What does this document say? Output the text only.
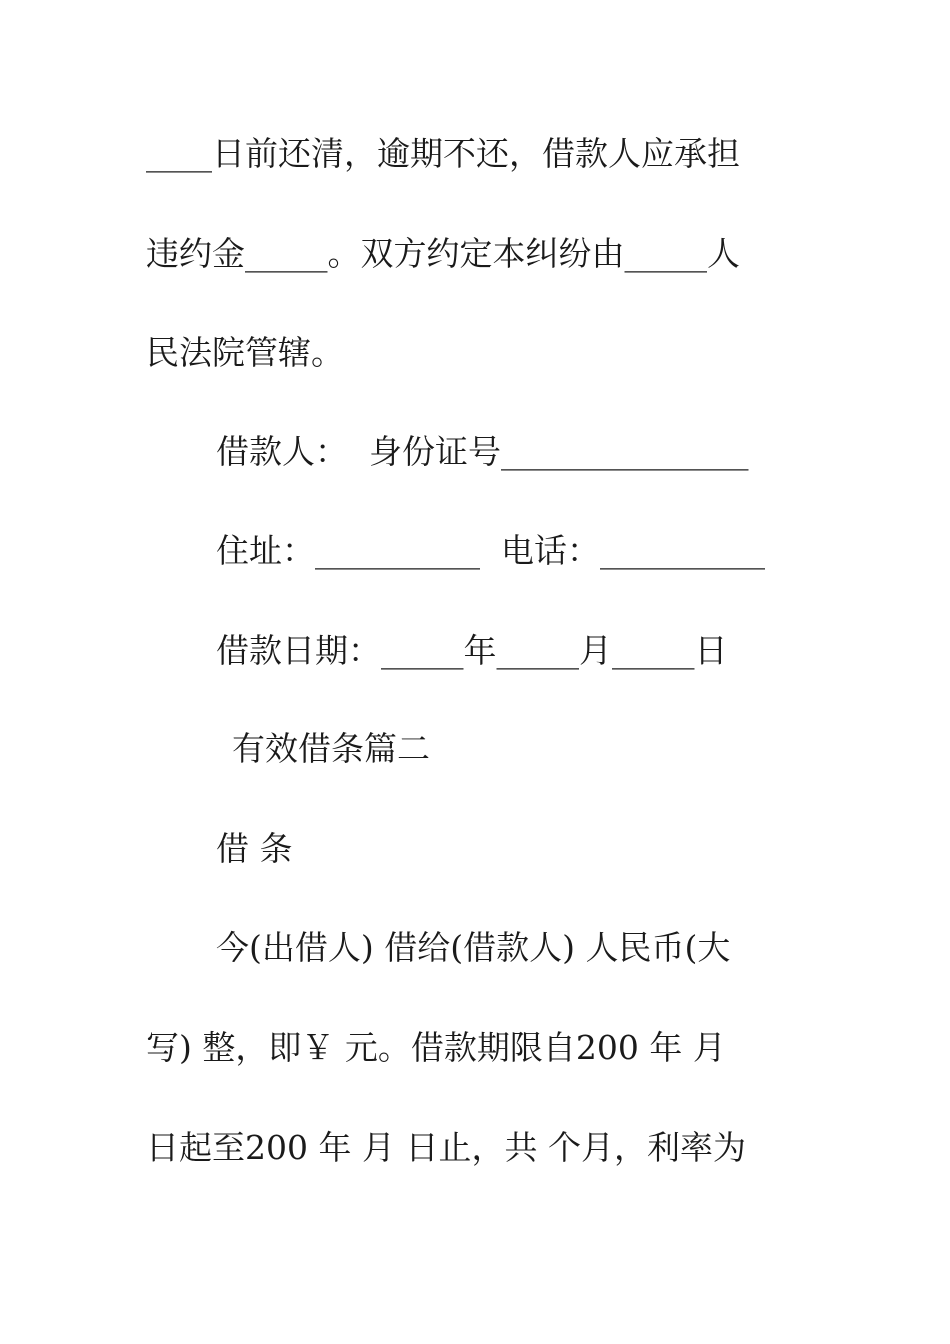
____日前还清，逾期不还，借款人应承担
违约金_____。双方约定本纠纷由_____人
民法院管辖。
借款人：  身份证号_______________
住址：__________  电话：__________
借款日期：_____年_____月_____日
有效借条篇二
借 条
今(出借人) 借给(借款人) 人民币(大
写) 整，即￥ 元。借款期限自200 年 月
日起至200 年 月 日止，共 个月，利率为
